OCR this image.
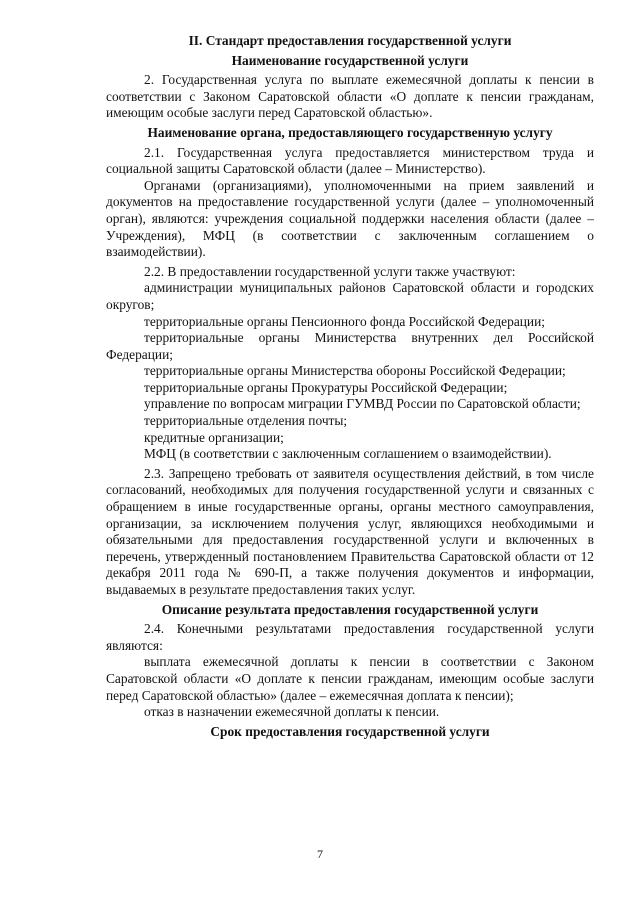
II. Стандарт предоставления государственной услуги

Наименование государственной услуги

2. Государственная услуга по выплате ежемесячной доплаты к пенсии в соответствии с Законом Саратовской области «О доплате к пенсии гражданам, имеющим особые заслуги перед Саратовской областью».

Наименование органа, предоставляющего государственную услугу

2.1. Государственная услуга предоставляется министерством труда и социальной защиты Саратовской области (далее – Министерство).

Органами (организациями), уполномоченными на прием заявлений и документов на предоставление государственной услуги (далее – уполномоченный орган), являются: учреждения социальной поддержки населения области (далее – Учреждения), МФЦ (в соответствии с заключенным соглашением о взаимодействии).

2.2. В предоставлении государственной услуги также участвуют:

администрации муниципальных районов Саратовской области и городских округов;

территориальные органы Пенсионного фонда Российской Федерации;

территориальные органы Министерства внутренних дел Российской Федерации;

территориальные органы Министерства обороны Российской Федерации;

территориальные органы Прокуратуры Российской Федерации;

управление по вопросам миграции ГУМВД России по Саратовской области;

территориальные отделения почты;

кредитные организации;

МФЦ (в соответствии с заключенным соглашением о взаимодействии).

2.3. Запрещено требовать от заявителя осуществления действий, в том числе согласований, необходимых для получения государственной услуги и связанных с обращением в иные государственные органы, органы местного самоуправления, организации, за исключением получения услуг, являющихся необходимыми и обязательными для предоставления государственной услуги и включенных в перечень, утвержденный постановлением Правительства Саратовской области от 12 декабря 2011 года № 690-П, а также получения документов и информации, выдаваемых в результате предоставления таких услуг.

Описание результата предоставления государственной услуги

2.4. Конечными результатами предоставления государственной услуги являются:

выплата ежемесячной доплаты к пенсии в соответствии с Законом Саратовской области «О доплате к пенсии гражданам, имеющим особые заслуги перед Саратовской областью» (далее – ежемесячная доплата к пенсии);

отказ в назначении ежемесячной доплаты к пенсии.

Срок предоставления государственной услуги

7
